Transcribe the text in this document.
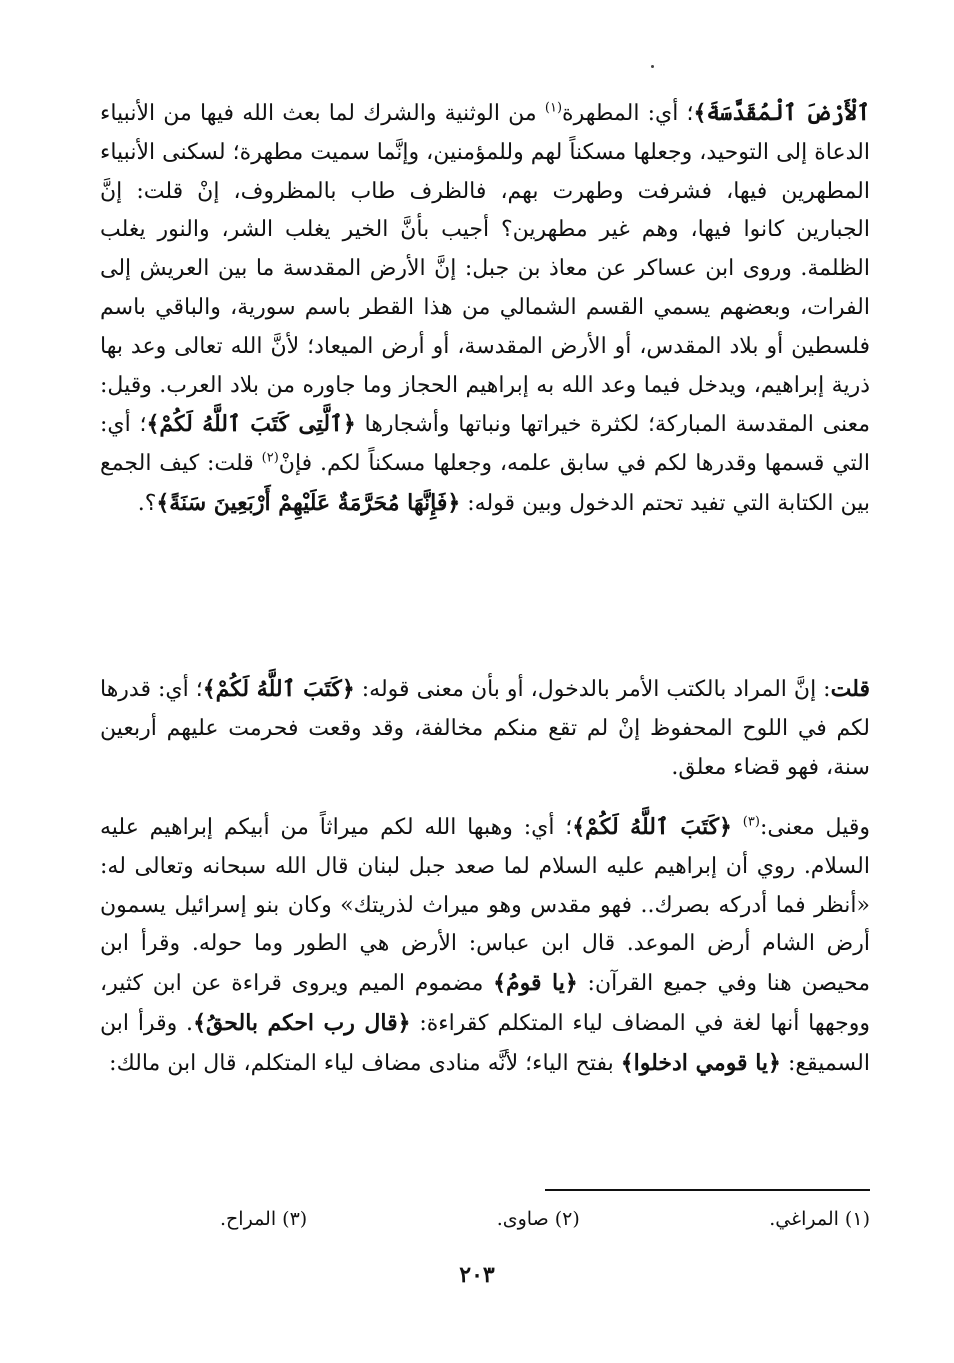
ٱلْأَرْضَ ٱلْمُقَدَّسَةَ﴾؛ أي: المطهرة$^{(١)}$ من الوثنية والشرك لما بعث الله فيها من الأنبياء الدعاة إلى التوحيد، وجعلها مسكناً لهم وللمؤمنين، وإنَّما سميت مطهرة؛ لسكنى الأنبياء المطهرين فيها، فشرفت وطهرت بهم، فالظرف طاب بالمظروف، إنْ قلت: إنَّ الجبارين كانوا فيها، وهم غير مطهرين؟ أجيب بأنَّ الخير يغلب الشر، والنور يغلب الظلمة. وروى ابن عساكر عن معاذ بن جبل: إنَّ الأرض المقدسة ما بين العريش إلى الفرات، وبعضهم يسمي القسم الشمالي من هذا القطر باسم سورية، والباقي باسم فلسطين أو بلاد المقدس، أو الأرض المقدسة، أو أرض الميعاد؛ لأنَّ الله تعالى وعد بها ذرية إبراهيم، ويدخل فيما وعد الله به إبراهيم الحجاز وما جاوره من بلاد العرب. وقيل: معنى المقدسة المباركة؛ لكثرة خيراتها ونباتها وأشجارها ﴿ٱلَّتِى كَتَبَ ٱللَّهُ لَكُمْ﴾؛ أي: التي قسمها وقدرها لكم في سابق علمه، وجعلها مسكناً لكم. فإنْ$^{(٢)}$ قلت: كيف الجمع بين الكتابة التي تفيد تحتم الدخول وبين قوله: ﴿فَإِنَّهَا مُحَرَّمَةٌ عَلَيْهِمْ أَرْبَعِينَ سَنَةً﴾؟.

قلت: إنَّ المراد بالكتب الأمر بالدخول، أو بأن معنى قوله: ﴿كَتَبَ ٱللَّهُ لَكُمْ﴾؛ أي: قدرها لكم في اللوح المحفوظ إنْ لم تقع منكم مخالفة، وقد وقعت فحرمت عليهم أربعين سنة، فهو قضاء معلق.

وقيل معنى:$^{(٣)}$ ﴿كَتَبَ ٱللَّهُ لَكُمْ﴾؛ أي: وهبها الله لكم ميراثاً من أبيكم إبراهيم عليه السلام. روي أن إبراهيم عليه السلام لما صعد جبل لبنان قال الله سبحانه وتعالى له: «أنظر فما أدركه بصرك.. فهو مقدس وهو ميراث لذريتك» وكان بنو إسرائيل يسمون أرض الشام أرض الموعد. قال ابن عباس: الأرض هي الطور وما حوله. وقرأ ابن محيصن هنا وفي جميع القرآن: ﴿يا قومُ﴾ مضموم الميم ويروى قراءة عن ابن كثير، ووجهها أنها لغة في المضاف لياء المتكلم كقراءة: ﴿قال رب احكم بالحقُ﴾. وقرأ ابن السميقع: ﴿يا قومي ادخلوا﴾ بفتح الياء؛ لأنَّه منادى مضاف لياء المتكلم، قال ابن مالك:

(١) المراغي.
(٢) صاوى.
(٣) المراح.
٢٠٣
